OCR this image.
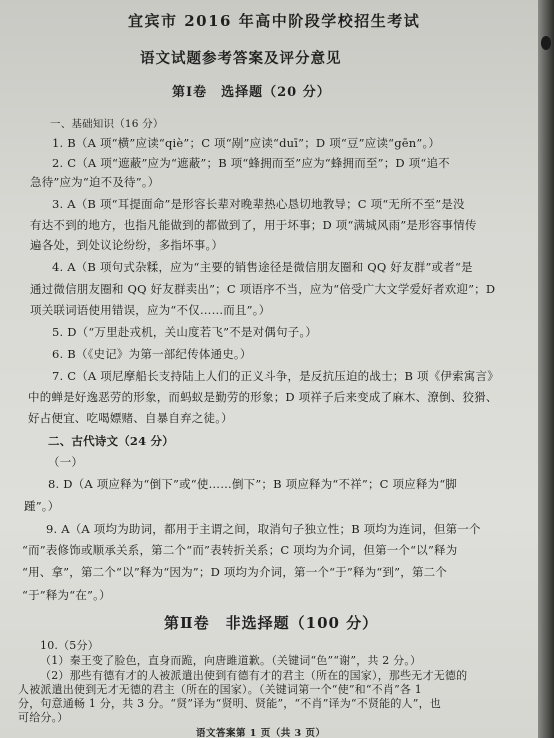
宜宾市 2016 年高中阶段学校招生考试
语文试题参考答案及评分意见
第Ⅰ卷　选择题（20 分）
一、基础知识（16 分）
1. B（A 项“横”应读“qiè”；C 项“剐”应读“duī”；D 项“豆”应读“gēn”。）
2. C（A 项“遮蔽”应为“遮蔽”；B 项“蜂拥而至”应为“蜂拥而至”；D 项“追不
急待”应为“迫不及待”。）
3. A（B 项“耳提面命”是形容长辈对晚辈热心恳切地教导；C 项“无所不至”是没
有达不到的地方，也指凡能做到的都做到了，用于坏事；D 项“满城风雨”是形容事情传
遍各处，到处议论纷纷，多指坏事。）
4. A（B 项句式杂糅，应为“主要的销售途径是微信朋友圈和 QQ 好友群”或者“是
通过微信朋友圈和 QQ 好友群卖出”；C 项语序不当，应为“倍受广大文学爱好者欢迎”；D
项关联词语使用错误，应为“不仅……而且”。）
5. D（“万里赴戎机，关山度若飞”不是对偶句子。）
6. B（《史记》为第一部纪传体通史。）
7. C（A 项尼摩船长支持陆上人们的正义斗争，是反抗压迫的战士；B 项《伊索寓言》
中的蝉是好逸恶劳的形象，而蚂蚁是勤劳的形象；D 项祥子后来变成了麻木、潦倒、狡猾、
好占便宜、吃喝嫖赌、自暴自弃之徒。）
二、古代诗文（24 分）
（一）
8. D（A 项应释为“倒下”或“使……倒下”；B 项应释为“不祥”；C 项应释为“脚
踵”。）
9. A（A 项均为助词，都用于主谓之间，取消句子独立性；B 项均为连词，但第一个
“而”表修饰或顺承关系，第二个“而”表转折关系；C 项均为介词，但第一个“以”释为
“用、拿”，第二个“以”释为“因为”；D 项均为介词，第一个“于”释为“到”，第二个
“于”释为“在”。）
第Ⅱ卷　非选择题（100 分）
10.（5分）
（1）秦王变了脸色，直身而跪，向唐雎道歉。（关键词“色”“谢”，共 2 分。）
（2）那些有德有才的人被派遣出使到有德有才的君主（所在的国家），那些无才无德的
人被派遣出使到无才无德的君主（所在的国家）。（关键词第一个“使”和“不肖”各 1
分，句意通畅 1 分，共 3 分。“贤”译为“贤明、贤能”，“不肖”译为“不贤能的人”，也
可给分。）
语文答案第 1 页（共 3 页）
